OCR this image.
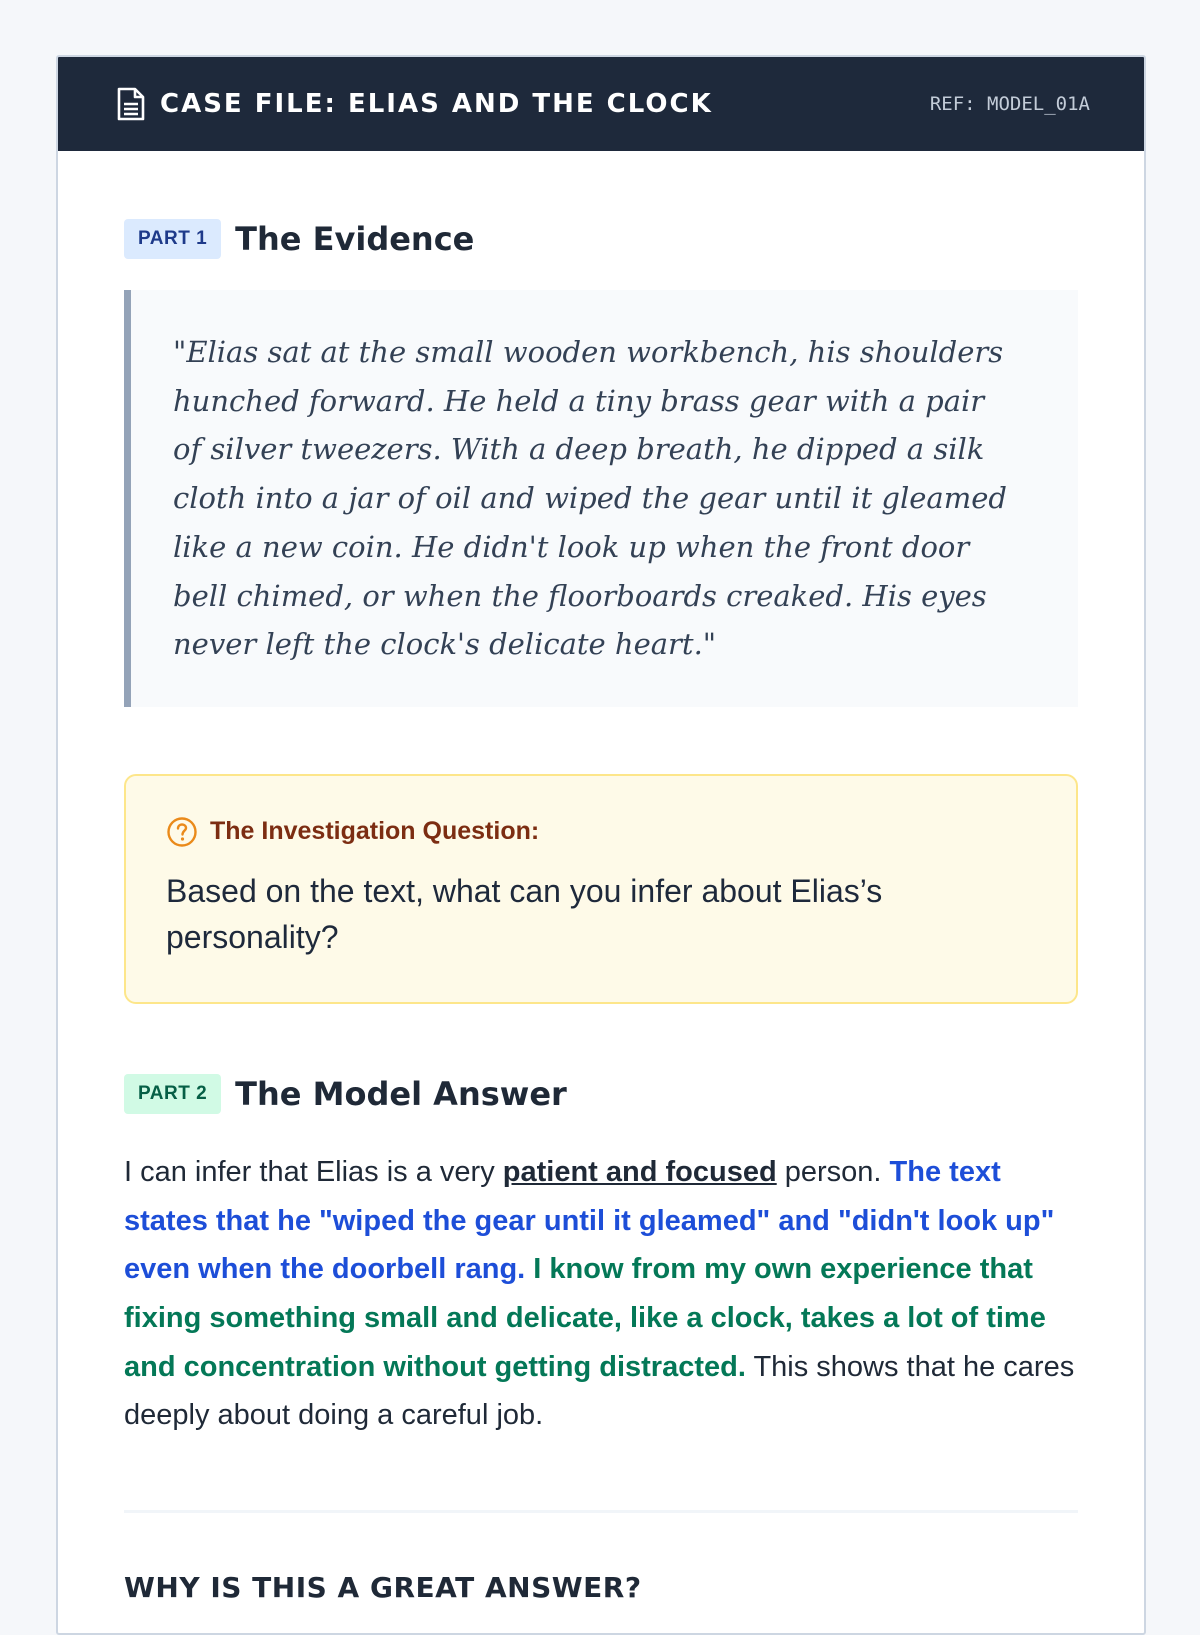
CASE FILE: ELIAS AND THE CLOCK	REF: MODEL_01A
PART 1 The Evidence

"Elias sat at the small wooden workbench, his shoulders hunched forward. He held a tiny brass gear with a pair of silver tweezers. With a deep breath, he dipped a silk cloth into a jar of oil and wiped the gear until it gleamed like a new coin. He didn't look up when the front door bell chimed, or when the floorboards creaked. His eyes never left the clock's delicate heart."

The Investigation Question:

Based on the text, what can you infer about Elias’s personality?

PART 2 The Model Answer

I can infer that Elias is a very patient and focused person. The text states that he "wiped the gear until it gleamed" and "didn't look up" even when the doorbell rang. I know from my own experience that fixing something small and delicate, like a clock, takes a lot of time and concentration without getting distracted. This shows that he cares deeply about doing a careful job.

WHY IS THIS A GREAT ANSWER?
